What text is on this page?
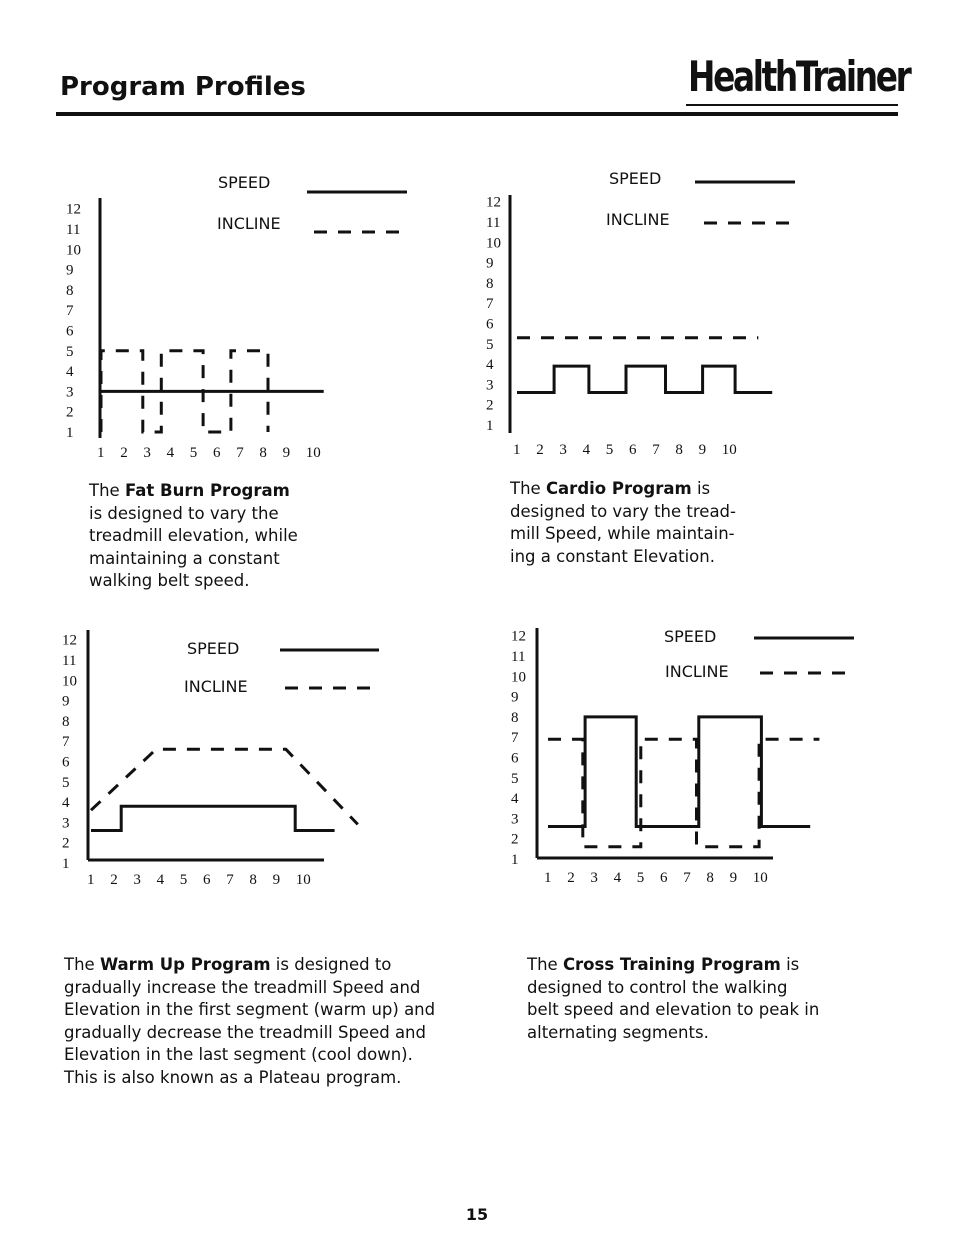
Program Profiles	HealthTrainer
12
11
10
9
8
7
6
5
4
3
2
1
1 2 3 4 5 6 7 8 9 10
SPEED
INCLINE
12
11
10
9
8
7
6
5
4
3
2
1
1 2 3 4 5 6 7 8 9 10
SPEED
INCLINE
12
11
10
9
8
7
6
5
4
3
2
1
1 2 3 4 5 6 7 8 9 10
SPEED
INCLINE
12
11
10
9
8
7
6
5
4
3
2
1
1 2 3 4 5 6 7 8 9 10
SPEED
INCLINE
The Fat Burn Program
is designed to vary the
treadmill elevation, while
maintaining a constant
walking belt speed.
The Cardio Program is
designed to vary the tread-
mill Speed, while maintain-
ing a constant Elevation.
The Warm Up Program is designed to
gradually increase the treadmill Speed and
Elevation in the first segment (warm up) and
gradually decrease the treadmill Speed and
Elevation in the last segment (cool down).
This is also known as a Plateau program.
The Cross Training Program is
designed to control the walking
belt speed and elevation to peak in
alternating segments.
15
